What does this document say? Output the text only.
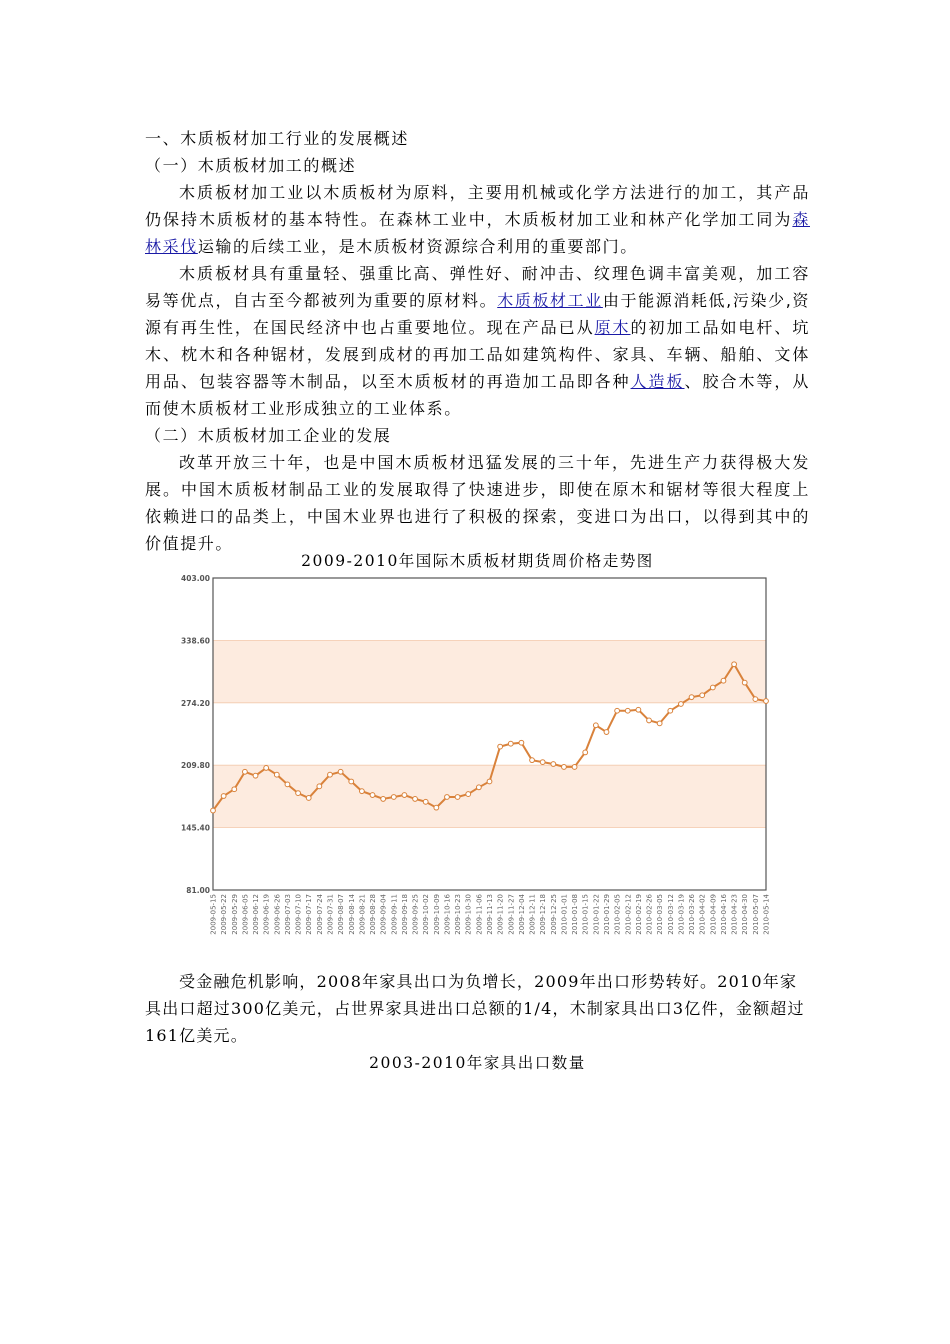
一、木质板材加工行业的发展概述
（一）木质板材加工的概述

木质板材加工业以木质板材为原料，主要用机械或化学方法进行的加工，其产品仍保持木质板材的基本特性。在森林工业中，木质板材加工业和林产化学加工同为森林采伐运输的后续工业，是木质板材资源综合利用的重要部门。

木质板材具有重量轻、强重比高、弹性好、耐冲击、纹理色调丰富美观，加工容易等优点，自古至今都被列为重要的原材料。木质板材工业由于能源消耗低,污染少,资源有再生性，在国民经济中也占重要地位。现在产品已从原木的初加工品如电杆、坑木、枕木和各种锯材，发展到成材的再加工品如建筑构件、家具、车辆、船舶、文体用品、包装容器等木制品，以至木质板材的再造加工品即各种人造板、胶合木等，从而使木质板材工业形成独立的工业体系。

（二）木质板材加工企业的发展

改革开放三十年，也是中国木质板材迅猛发展的三十年，先进生产力获得极大发展。中国木质板材制品工业的发展取得了快速进步，即使在原木和锯材等很大程度上依赖进口的品类上，中国木业界也进行了积极的探索，变进口为出口，以得到其中的价值提升。

2009-2010年国际木质板材期货周价格走势图
403.00
338.60
274.20
209.80
145.40
81.00
2009-05-15 2009-05-22 2009-05-29 2009-06-05 2009-06-12 2009-06-19 2009-06-26 2009-07-03 2009-07-10 2009-07-17 2009-07-24 2009-07-31 2009-08-07 2009-08-14 2009-08-21 2009-08-28 2009-09-04 2009-09-11 2009-09-18 2009-09-25 2009-10-02 2009-10-09 2009-10-16 2009-10-23 2009-10-30 2009-11-06 2009-11-13 2009-11-20 2009-11-27 2009-12-04 2009-12-11 2009-12-18 2009-12-25 2010-01-01 2010-01-08 2010-01-15 2010-01-22 2010-01-29 2010-02-05 2010-02-12 2010-02-19 2010-02-26 2010-03-05 2010-03-12 2010-03-19 2010-03-26 2010-04-02 2010-04-09 2010-04-16 2010-04-23 2010-04-30 2010-05-07 2010-05-14

受金融危机影响，2008年家具出口为负增长，2009年出口形势转好。2010年家具出口超过300亿美元，占世界家具进出口总额的1/4，木制家具出口3亿件，金额超过161亿美元。

2003-2010年家具出口数量
